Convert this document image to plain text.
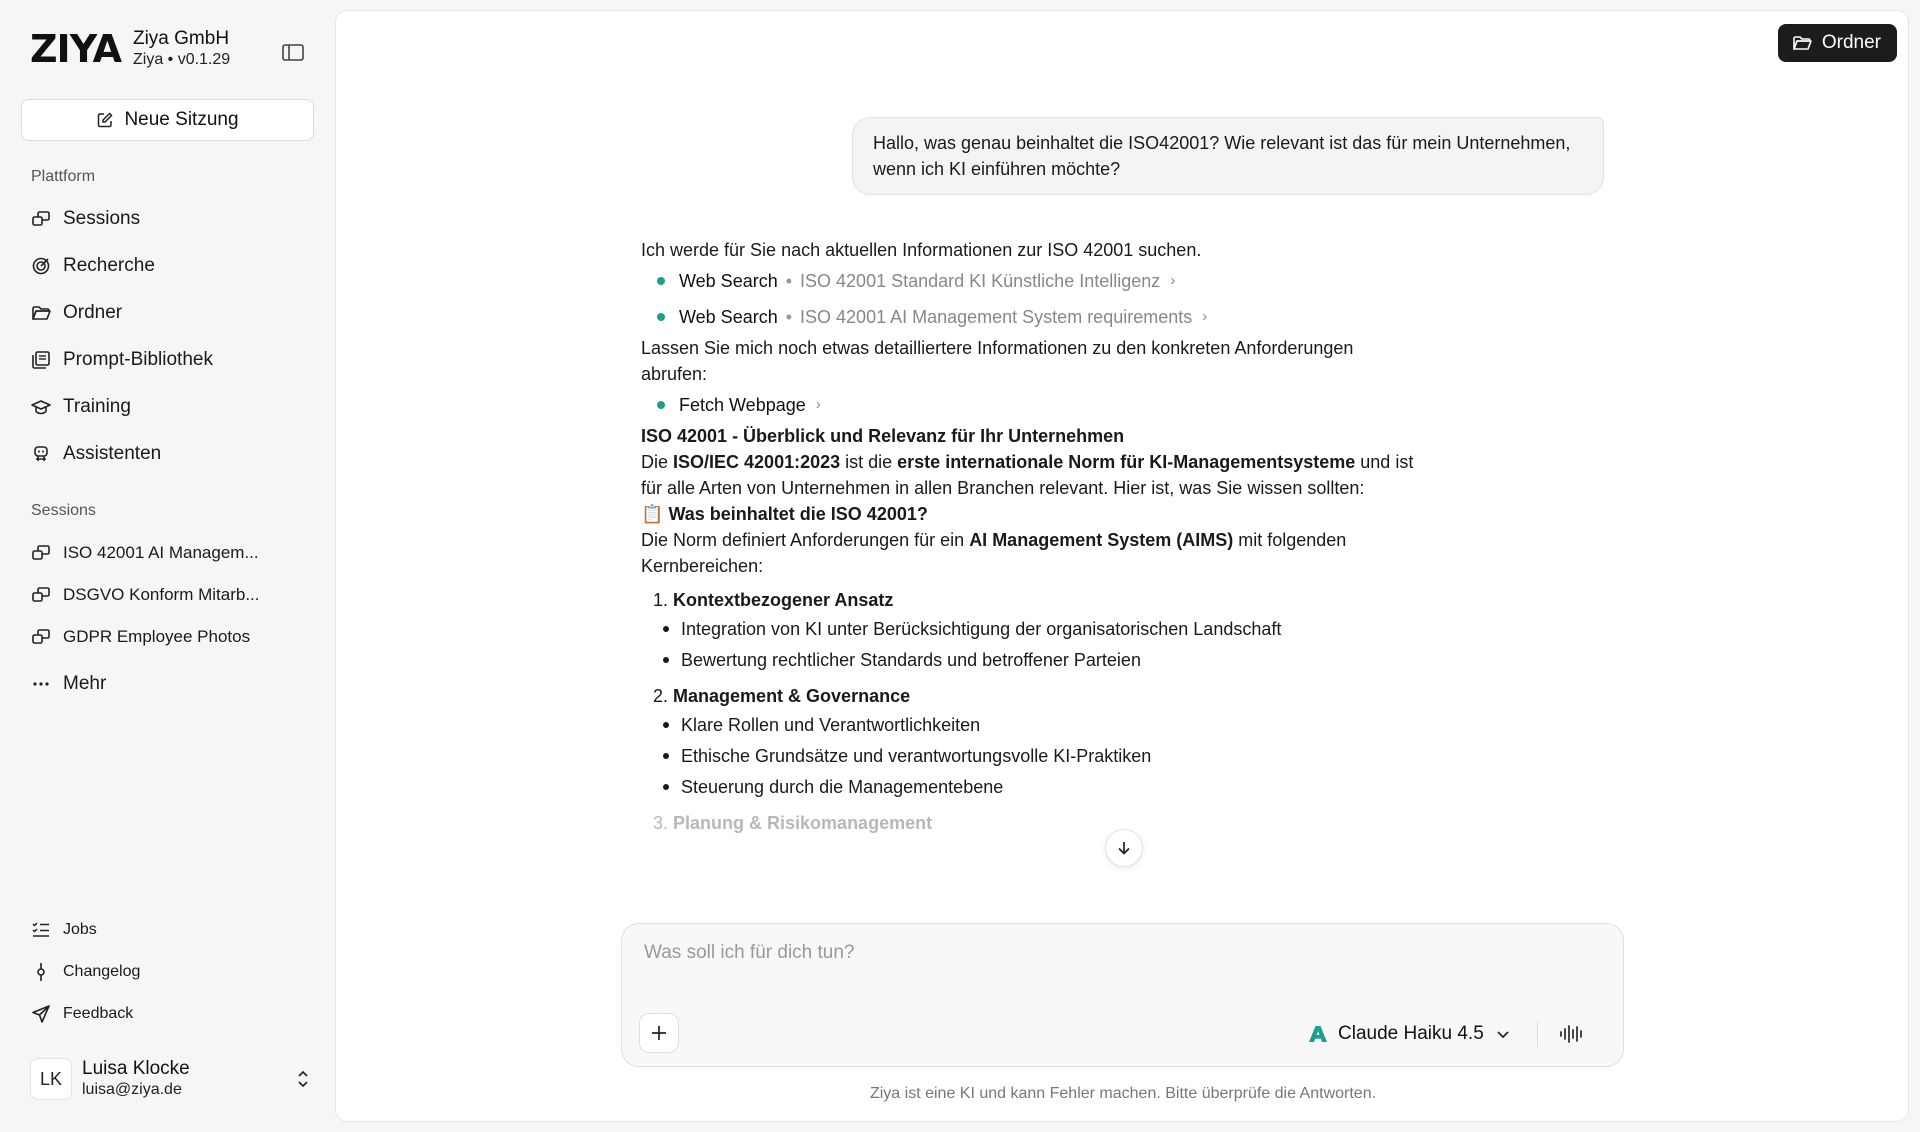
ZIYA Ziya GmbH
Ziya • v0.1.29
Neue Sitzung
Plattform
Sessions
Recherche
Ordner
Prompt-Bibliothek
Training
Assistenten
Sessions
ISO 42001 AI Managem...
DSGVO Konform Mitarb...
GDPR Employee Photos
Mehr
Jobs
Changelog
Feedback
LK	Luisa Klocke
luisa@ziya.de
Ordner
Hallo, was genau beinhaltet die ISO42001? Wie relevant ist das für mein Unternehmen, wenn ich KI einführen möchte?

Ich werde für Sie nach aktuellen Informationen zur ISO 42001 suchen.

Web Search • ISO 42001 Standard KI Künstliche Intelligenz ›
Web Search • ISO 42001 AI Management System requirements ›

Lassen Sie mich noch etwas detailliertere Informationen zu den konkreten Anforderungen abrufen:

Fetch Webpage ›

ISO 42001 - Überblick und Relevanz für Ihr Unternehmen

Die ISO/IEC 42001:2023 ist die erste internationale Norm für KI-Managementsysteme und ist für alle Arten von Unternehmen in allen Branchen relevant. Hier ist, was Sie wissen sollten:

📋 Was beinhaltet die ISO 42001?

Die Norm definiert Anforderungen für ein AI Management System (AIMS) mit folgenden Kernbereichen:

1. Kontextbezogener Ansatz
Integration von KI unter Berücksichtigung der organisatorischen Landschaft
Bewertung rechtlicher Standards und betroffener Parteien
2. Management & Governance
Klare Rollen und Verantwortlichkeiten
Ethische Grundsätze und verantwortungsvolle KI-Praktiken
Steuerung durch die Managementebene
3. Planung & Risikomanagement
Was soll ich für dich tun?
Claude Haiku 4.5
Ziya ist eine KI und kann Fehler machen. Bitte überprüfe die Antworten.
